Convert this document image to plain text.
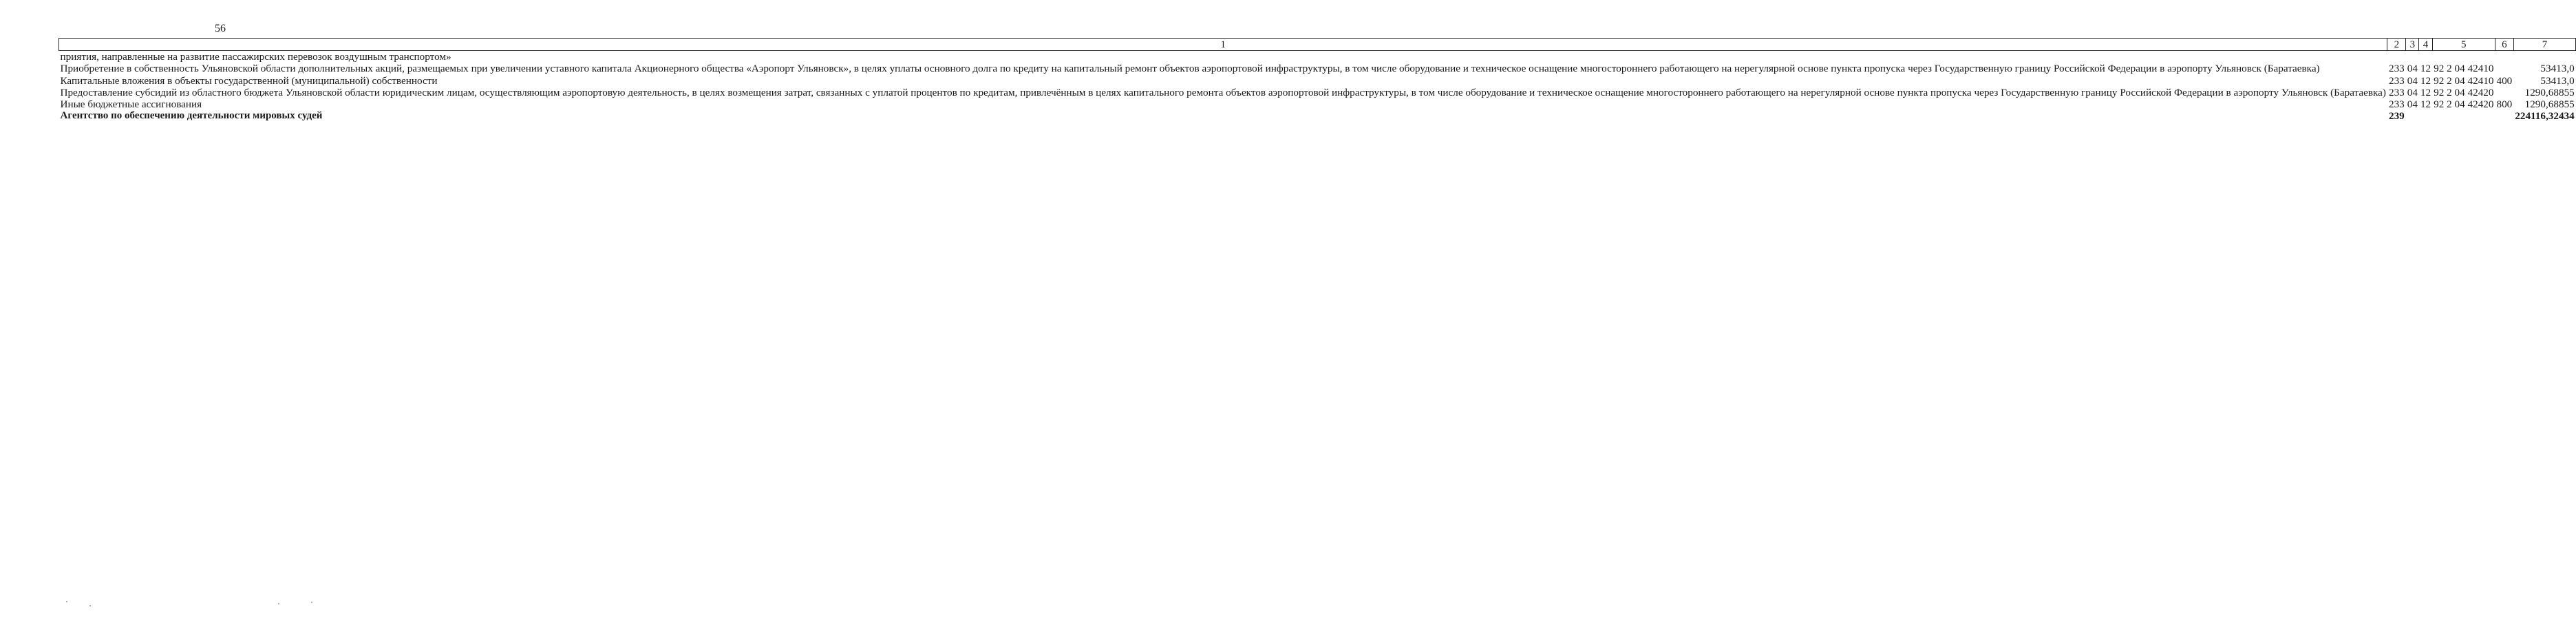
56
1	2	3	4	5	6	7
приятия, направленные на развитие пассажирских перевозок воздушным транспортом»						
Приобретение в собственность Ульяновской области дополнительных акций, размещаемых при увеличении уставного капитала Акционерного общества «Аэропорт Ульяновск», в целях уплаты основного долга по кредиту на капитальный ремонт объектов аэропортовой инфраструктуры, в том числе оборудование и техническое оснащение многостороннего работающего на нерегулярной основе пункта пропуска через Государственную границу Российской Федерации в аэропорту Ульяновск (Баратаевка)	233	04	12	92 2 04 42410		53413,0
Капитальные вложения в объекты государственной (муниципальной) собственности	233	04	12	92 2 04 42410	400	53413,0
Предоставление субсидий из областного бюджета Ульяновской области юридическим лицам, осуществляющим аэропортовую деятельность, в целях возмещения затрат, связанных с уплатой процентов по кредитам, привлечённым в целях капитального ремонта объектов аэропортовой инфраструктуры, в том числе оборудование и техническое оснащение многостороннего работающего на нерегулярной основе пункта пропуска через Государственную границу Российской Федерации в аэропорту Ульяновск (Баратаевка)	233	04	12	92 2 04 42420		1290,68855
Иные бюджетные ассигнования	233	04	12	92 2 04 42420	800	1290,68855
Агентство по обеспечению деятельности мировых судей	239					224116,32434
